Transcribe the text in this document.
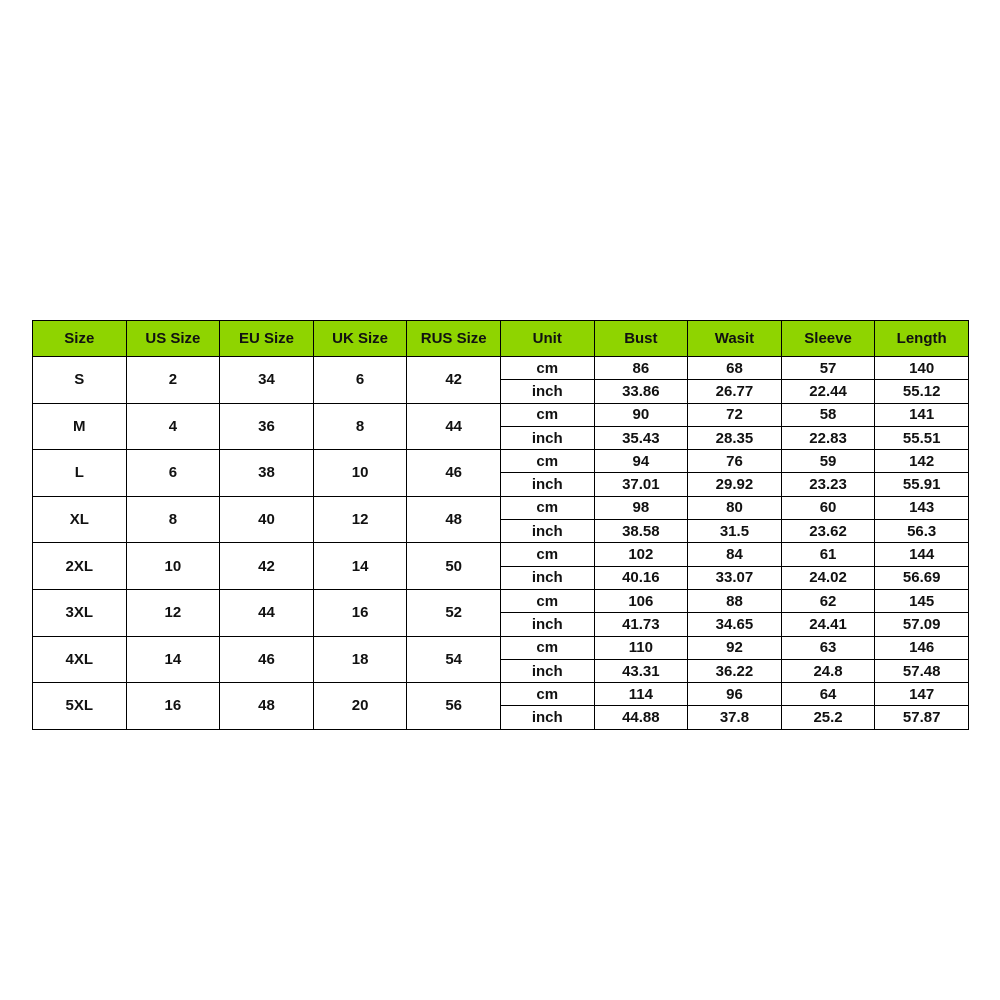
Size	US Size	EU Size	UK Size	RUS Size	Unit	Bust	Wasit	Sleeve	Length
S	2	34	6	42	cm	86	68	57	140
					inch	33.86	26.77	22.44	55.12
M	4	36	8	44	cm	90	72	58	141
					inch	35.43	28.35	22.83	55.51
L	6	38	10	46	cm	94	76	59	142
					inch	37.01	29.92	23.23	55.91
XL	8	40	12	48	cm	98	80	60	143
					inch	38.58	31.5	23.62	56.3
2XL	10	42	14	50	cm	102	84	61	144
					inch	40.16	33.07	24.02	56.69
3XL	12	44	16	52	cm	106	88	62	145
					inch	41.73	34.65	24.41	57.09
4XL	14	46	18	54	cm	110	92	63	146
					inch	43.31	36.22	24.8	57.48
5XL	16	48	20	56	cm	114	96	64	147
					inch	44.88	37.8	25.2	57.87
